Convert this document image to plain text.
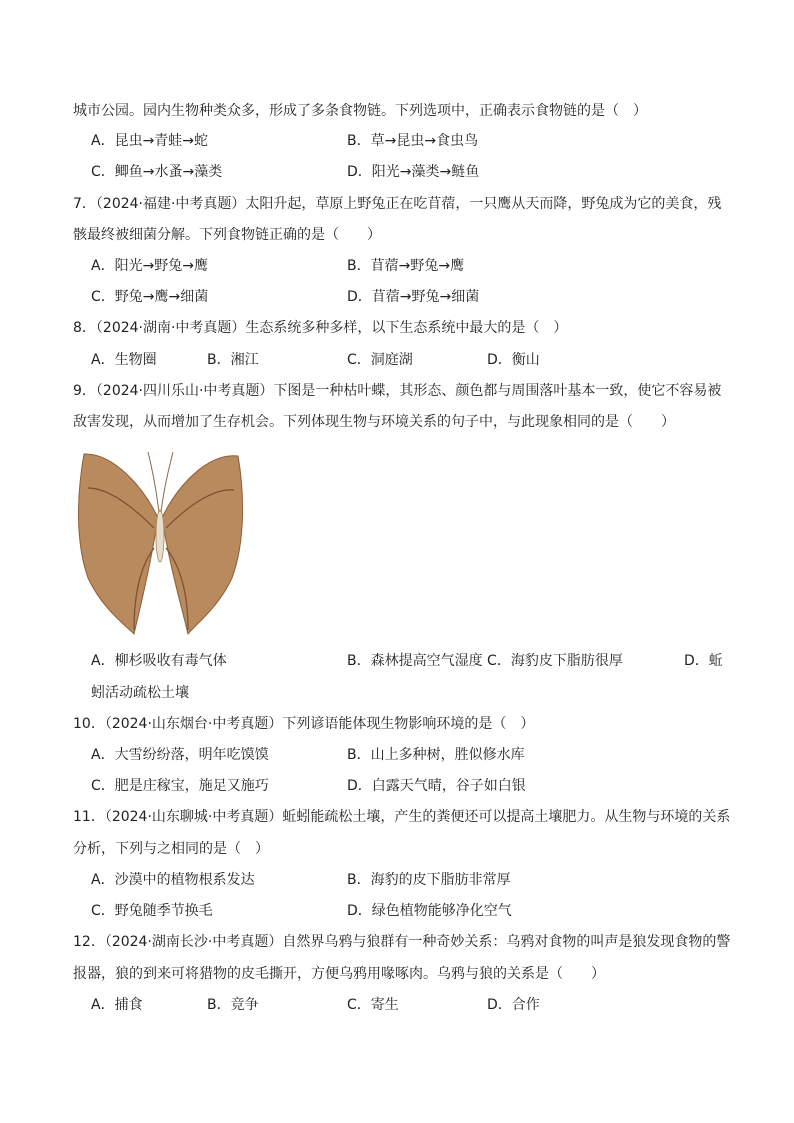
城市公园。园内生物种类众多，形成了多条食物链。下列选项中，正确表示食物链的是（　）
A．昆虫→青蛙→蛇	B．草→昆虫→食虫鸟
C．鲫鱼→水蚤→藻类	D．阳光→藻类→鲢鱼
7．（2024·福建·中考真题）太阳升起，草原上野兔正在吃苜蓿，一只鹰从天而降，野兔成为它的美食，残
骸最终被细菌分解。下列食物链正确的是（　　）
A．阳光→野兔→鹰	B．苜蓿→野兔→鹰
C．野兔→鹰→细菌	D．苜蓿→野兔→细菌
8．（2024·湖南·中考真题）生态系统多种多样，以下生态系统中最大的是（　）
A．生物圈	B．湘江	C．洞庭湖	D．衡山
9．（2024·四川乐山·中考真题）下图是一种枯叶蝶，其形态、颜色都与周围落叶基本一致，使它不容易被
敌害发现，从而增加了生存机会。下列体现生物与环境关系的句子中，与此现象相同的是（　　）
A．柳杉吸收有毒气体	B．森林提高空气湿度 C．海豹皮下脂肪很厚	D．蚯
蚓活动疏松土壤
10．（2024·山东烟台·中考真题）下列谚语能体现生物影响环境的是（　）
A．大雪纷纷落，明年吃馍馍	B．山上多种树，胜似修水库
C．肥是庄稼宝，施足又施巧	D．白露天气晴，谷子如白银
11．（2024·山东聊城·中考真题）蚯蚓能疏松土壤，产生的粪便还可以提高土壤肥力。从生物与环境的关系
分析，下列与之相同的是（　）
A．沙漠中的植物根系发达	B．海豹的皮下脂肪非常厚
C．野兔随季节换毛	D．绿色植物能够净化空气
12．（2024·湖南长沙·中考真题）自然界乌鸦与狼群有一种奇妙关系：乌鸦对食物的叫声是狼发现食物的警
报器，狼的到来可将猎物的皮毛撕开，方便乌鸦用喙啄肉。乌鸦与狼的关系是（　　）
A．捕食	B．竞争	C．寄生	D．合作
